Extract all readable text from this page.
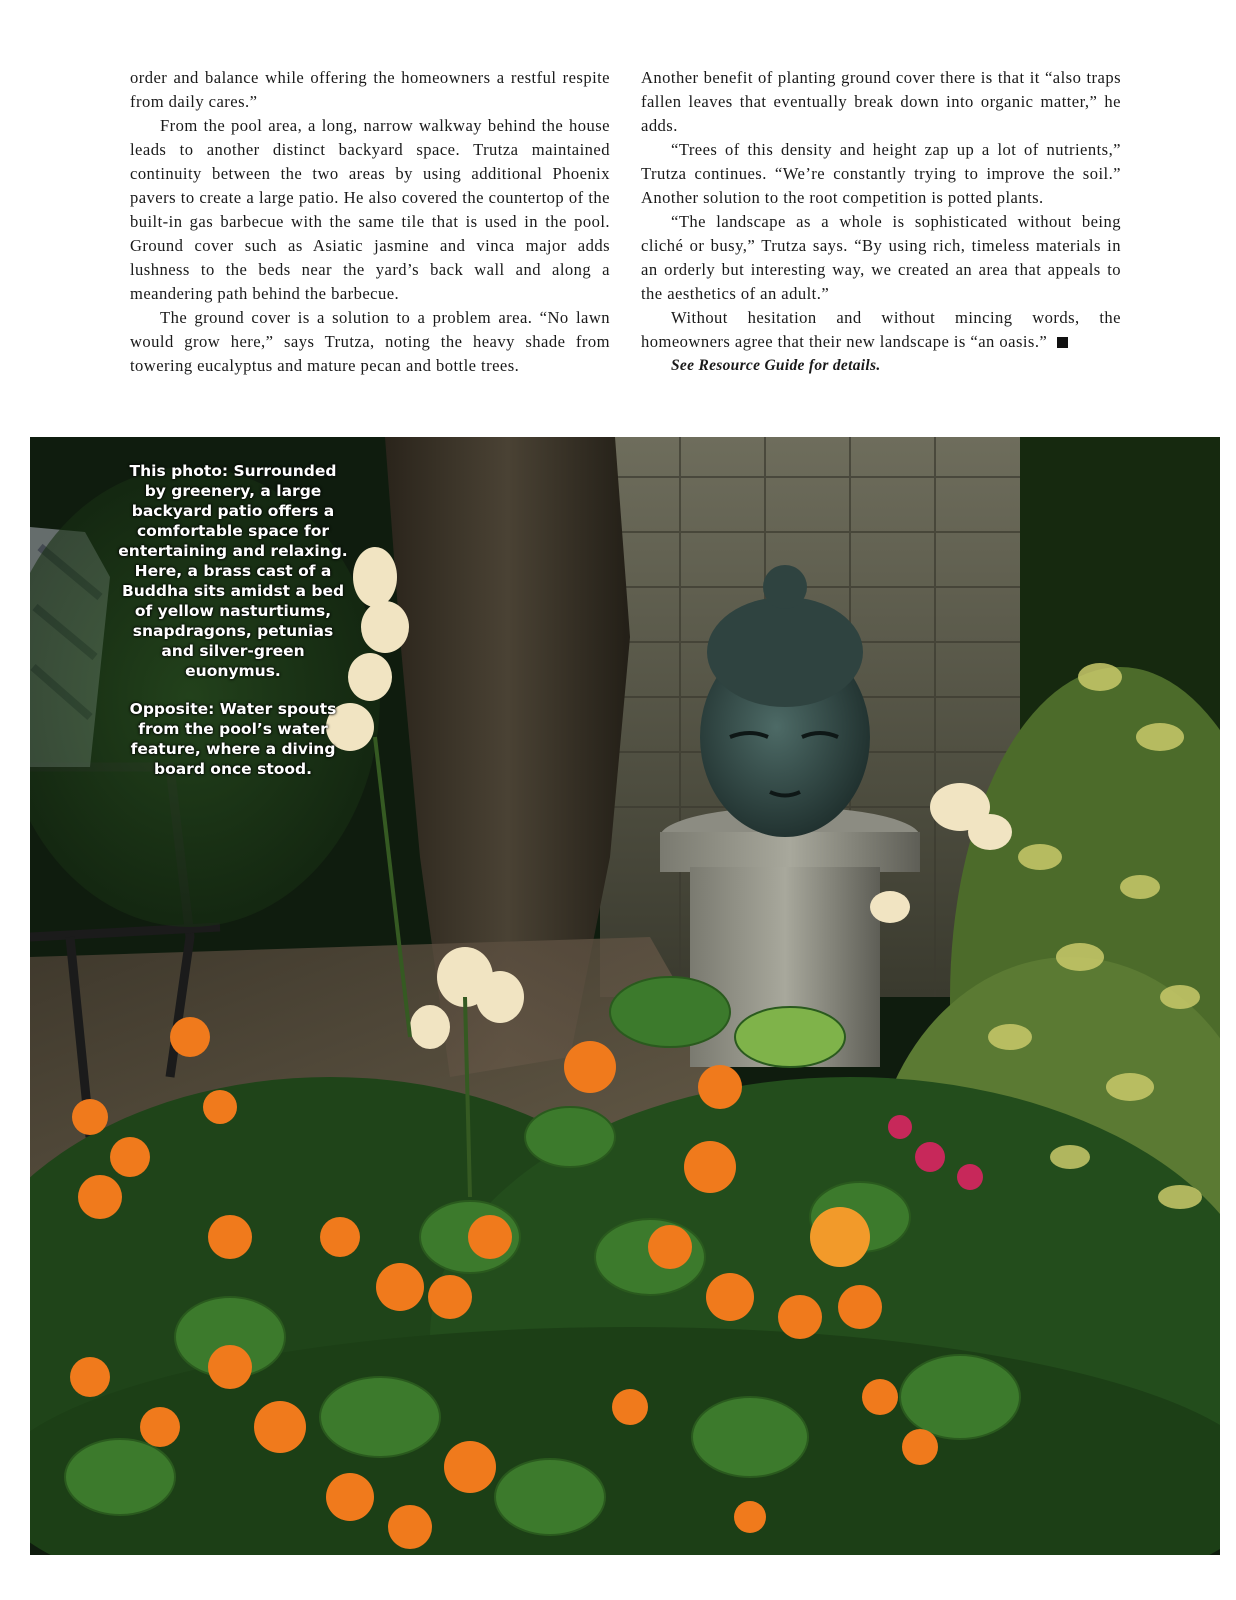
order and balance while offering the homeowners a restful respite from daily cares.”

From the pool area, a long, narrow walkway behind the house leads to another distinct backyard space. Trutza maintained continuity between the two areas by using additional Phoenix pavers to create a large patio. He also covered the countertop of the built-in gas barbecue with the same tile that is used in the pool. Ground cover such as Asiatic jasmine and vinca major adds lushness to the beds near the yard’s back wall and along a meandering path behind the barbecue.

The ground cover is a solution to a problem area. “No lawn would grow here,” says Trutza, noting the heavy shade from towering eucalyptus and mature pecan and bottle trees.

Another benefit of planting ground cover there is that it “also traps fallen leaves that eventually break down into organic matter,” he adds.

“Trees of this density and height zap up a lot of nutrients,” Trutza continues. “We’re constantly trying to improve the soil.” Another solution to the root competition is potted plants.

“The landscape as a whole is sophisticated without being cliché or busy,” Trutza says. “By using rich, timeless materials in an orderly but interesting way, we created an area that appeals to the aesthetics of an adult.”

Without hesitation and without mincing words, the homeowners agree that their new landscape is “an oasis.”

See Resource Guide for details.

This photo: Surrounded by greenery, a large backyard patio offers a comfortable space for entertaining and relaxing. Here, a brass cast of a Buddha sits amidst a bed of yellow nasturtiums, snapdragons, petunias and silver-green euonymus.

Opposite: Water spouts from the pool’s water feature, where a diving board once stood.
